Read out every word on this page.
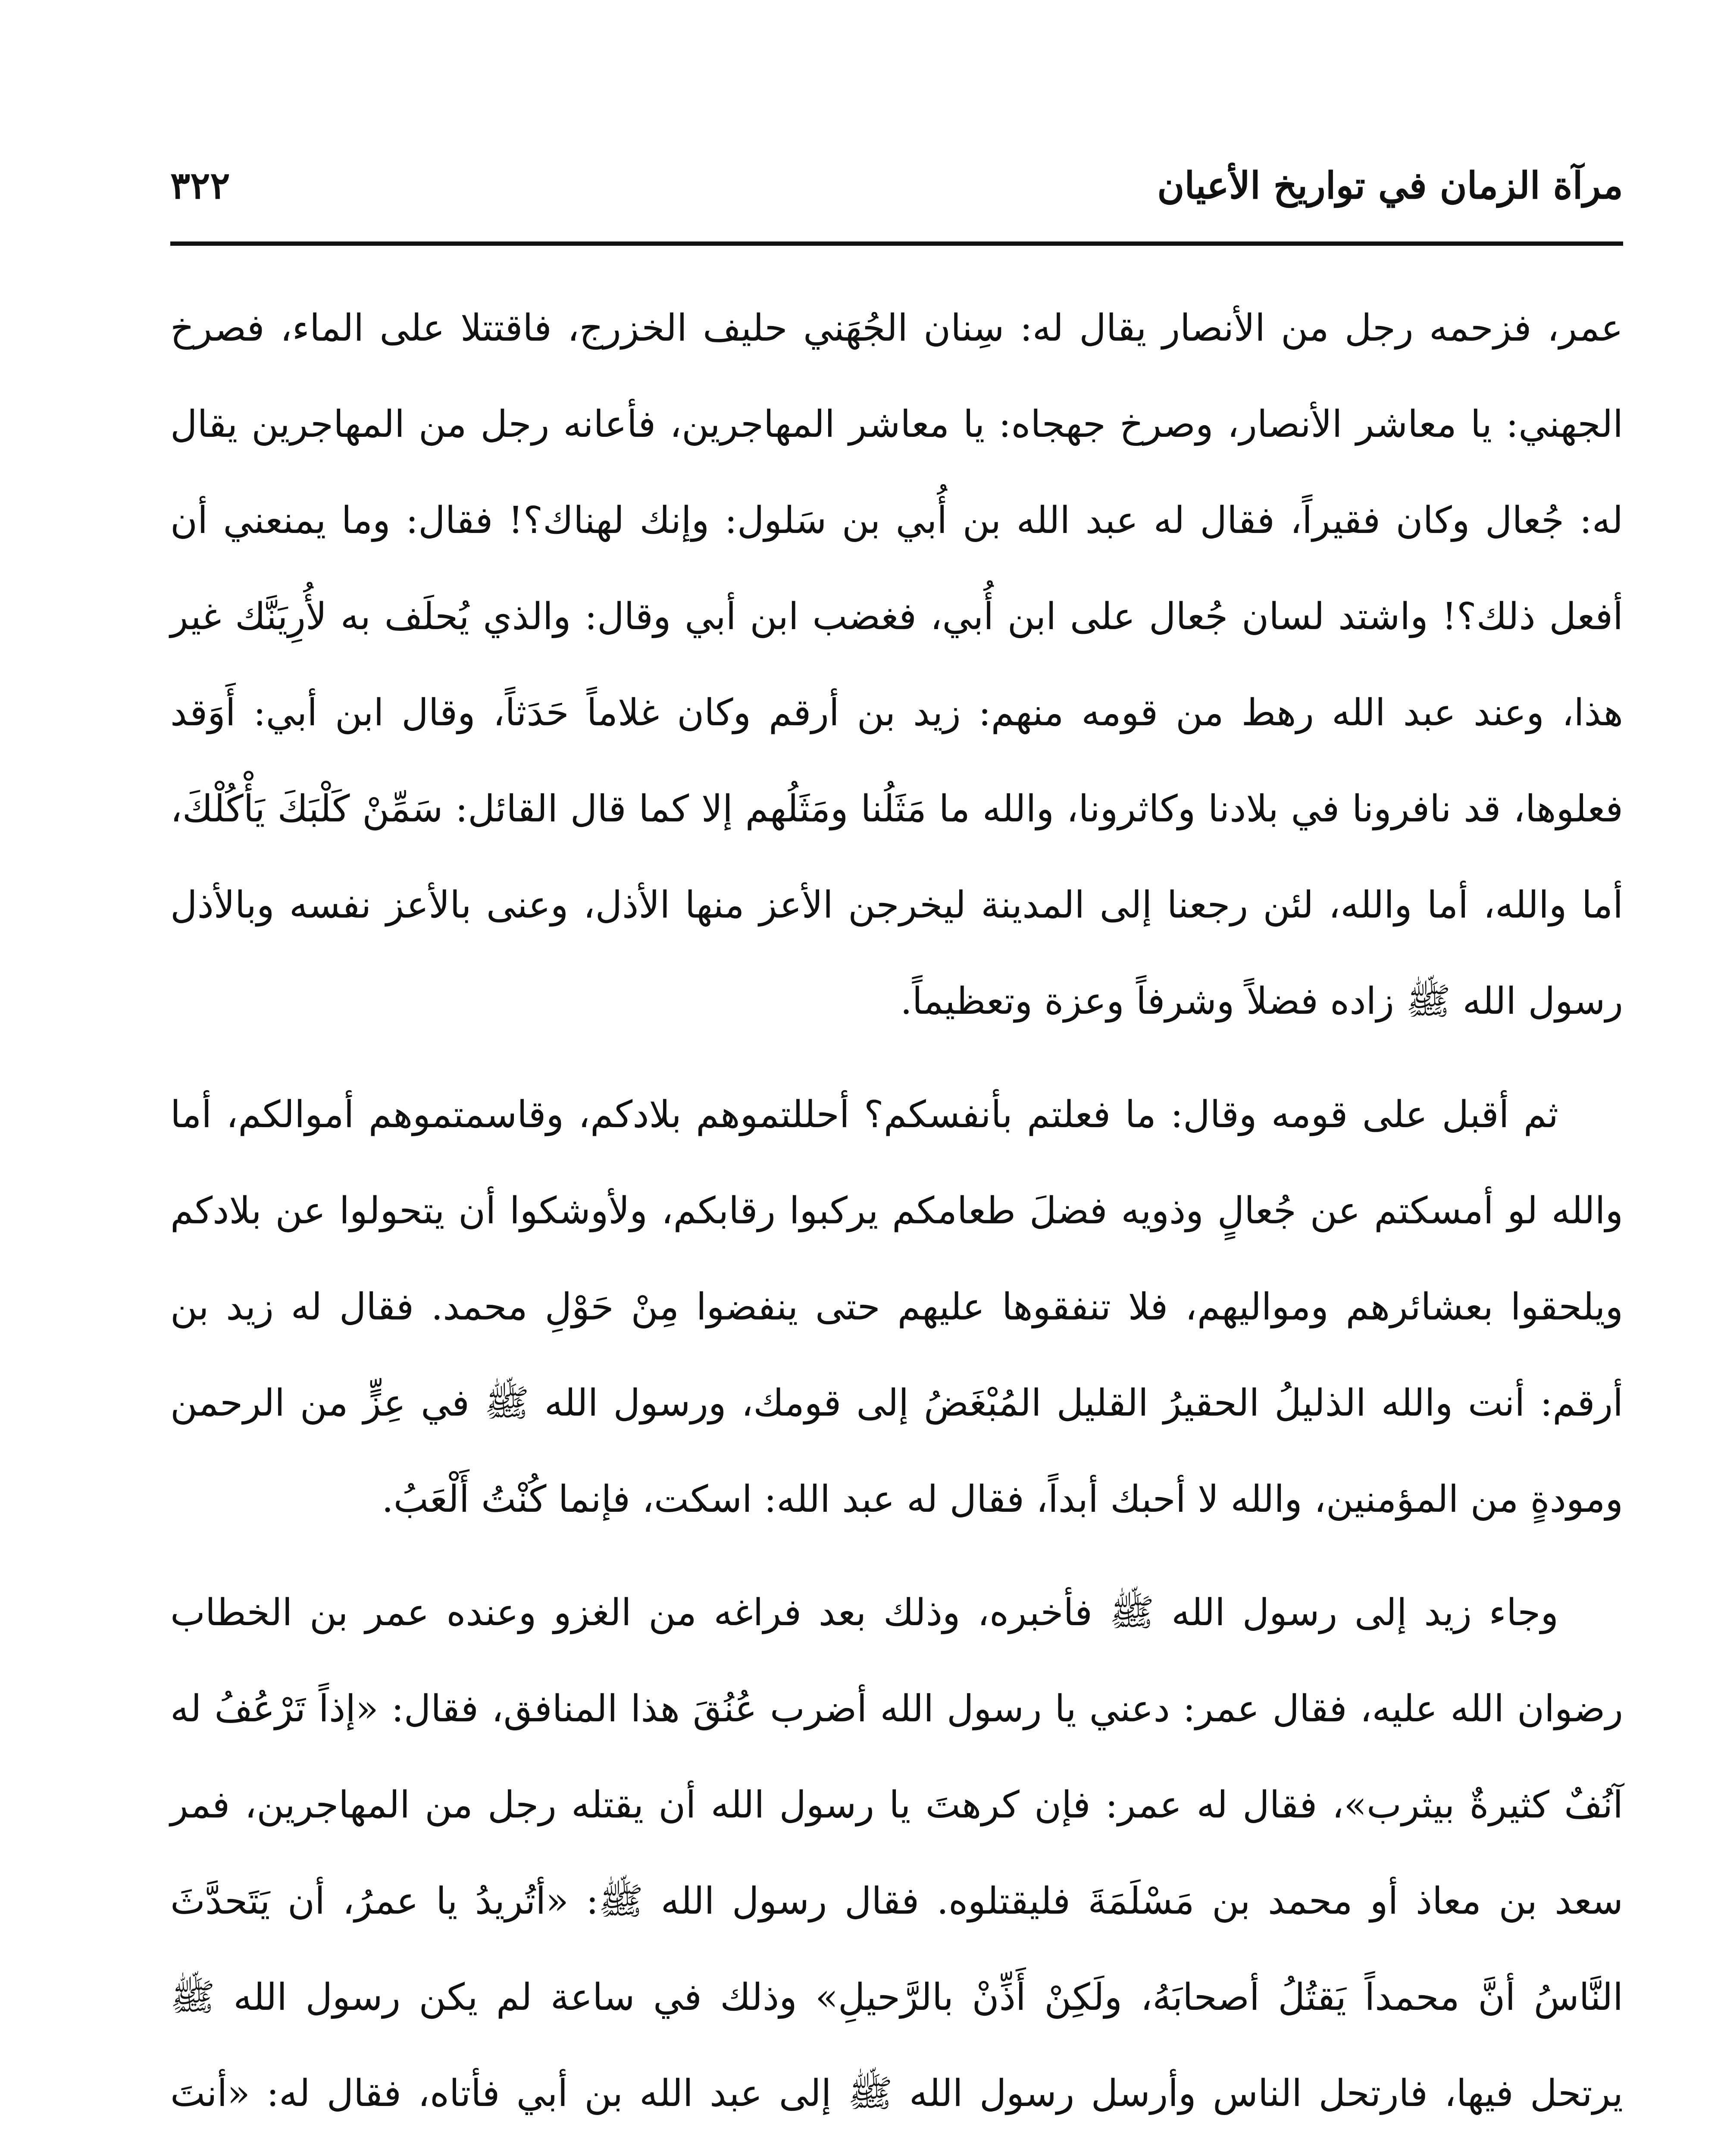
٣٢٢	مرآة الزمان في تواريخ الأعيان

عمر، فزحمه رجل من الأنصار يقال له: سِنان الجُهَني حليف الخزرج، فاقتتلا على الماء، فصرخ الجهني: يا معاشر الأنصار، وصرخ جهجاه: يا معاشر المهاجرين، فأعانه رجل من المهاجرين يقال له: جُعال وكان فقيراً، فقال له عبد الله بن أُبي بن سَلول: وإنك لهناك؟! فقال: وما يمنعني أن أفعل ذلك؟! واشتد لسان جُعال على ابن أُبي، فغضب ابن أبي وقال: والذي يُحلَف به لأُرِيَنَّك غير هذا، وعند عبد الله رهط من قومه منهم: زيد بن أرقم وكان غلاماً حَدَثاً، وقال ابن أبي: أَوَقد فعلوها، قد نافرونا في بلادنا وكاثرونا، والله ما مَثَلُنا ومَثَلُهم إلا كما قال القائل: سَمِّنْ كَلْبَكَ يَأْكُلْكَ، أما والله، أما والله، لئن رجعنا إلى المدينة ليخرجن الأعز منها الأذل، وعنى بالأعز نفسه وبالأذل رسول الله ﷺ زاده فضلاً وشرفاً وعزة وتعظيماً.

ثم أقبل على قومه وقال: ما فعلتم بأنفسكم؟ أحللتموهم بلادكم، وقاسمتموهم أموالكم، أما والله لو أمسكتم عن جُعالٍ وذويه فضلَ طعامكم يركبوا رقابكم، ولأوشكوا أن يتحولوا عن بلادكم ويلحقوا بعشائرهم ومواليهم، فلا تنفقوها عليهم حتى ينفضوا مِنْ حَوْلِ محمد. فقال له زيد بن أرقم: أنت والله الذليلُ الحقيرُ القليل المُبْغَضُ إلى قومك، ورسول الله ﷺ في عِزٍّ من الرحمن ومودةٍ من المؤمنين، والله لا أحبك أبداً، فقال له عبد الله: اسكت، فإنما كُنْتُ أَلْعَبُ.

وجاء زيد إلى رسول الله ﷺ فأخبره، وذلك بعد فراغه من الغزو وعنده عمر بن الخطاب رضوان الله عليه، فقال عمر: دعني يا رسول الله أضرب عُنُقَ هذا المنافق، فقال: «إذاً تَرْعُفُ له آنُفٌ كثيرةٌ بيثرب»، فقال له عمر: فإن كرهتَ يا رسول الله أن يقتله رجل من المهاجرين، فمر سعد بن معاذ أو محمد بن مَسْلَمَةَ فليقتلوه. فقال رسول الله ﷺ: «أتُريدُ يا عمرُ، أن يَتَحدَّثَ النَّاسُ أنَّ محمداً يَقتُلُ أصحابَهُ، ولَكِنْ أَذِّنْ بالرَّحيلِ» وذلك في ساعة لم يكن رسول الله ﷺ يرتحل فيها، فارتحل الناس وأرسل رسول الله ﷺ إلى عبد الله بن أبي فأتاه، فقال له: «أنتَ
